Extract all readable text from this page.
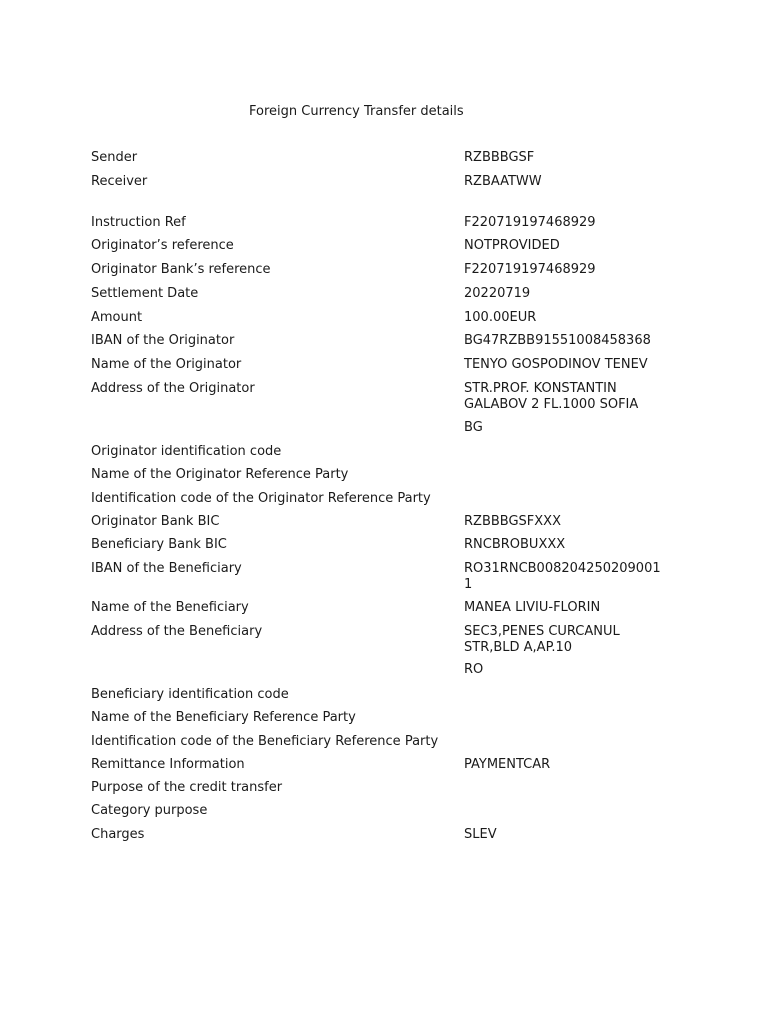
Foreign Currency Transfer details
Sender	RZBBBGSF
Receiver	RZBAATWW
Instruction Ref	F220719197468929
Originator’s reference	NOTPROVIDED
Originator Bank’s reference	F220719197468929
Settlement Date	20220719
Amount	100.00EUR
IBAN of the Originator	BG47RZBB91551008458368
Name of the Originator	TENYO GOSPODINOV TENEV
Address of the Originator	STR.PROF. KONSTANTIN
GALABOV 2 FL.1000 SOFIA
BG
Originator identification code
Name of the Originator Reference Party
Identification code of the Originator Reference Party
Originator Bank BIC	RZBBBGSFXXX
Beneficiary Bank BIC	RNCBROBUXXX
IBAN of the Beneficiary	RO31RNCB008204250209001
1
Name of the Beneficiary	MANEA LIVIU-FLORIN
Address of the Beneficiary	SEC3,PENES CURCANUL
STR,BLD A,AP.10
RO
Beneficiary identification code
Name of the Beneficiary Reference Party
Identification code of the Beneficiary Reference Party
Remittance Information	PAYMENTCAR
Purpose of the credit transfer
Category purpose
Charges	SLEV
